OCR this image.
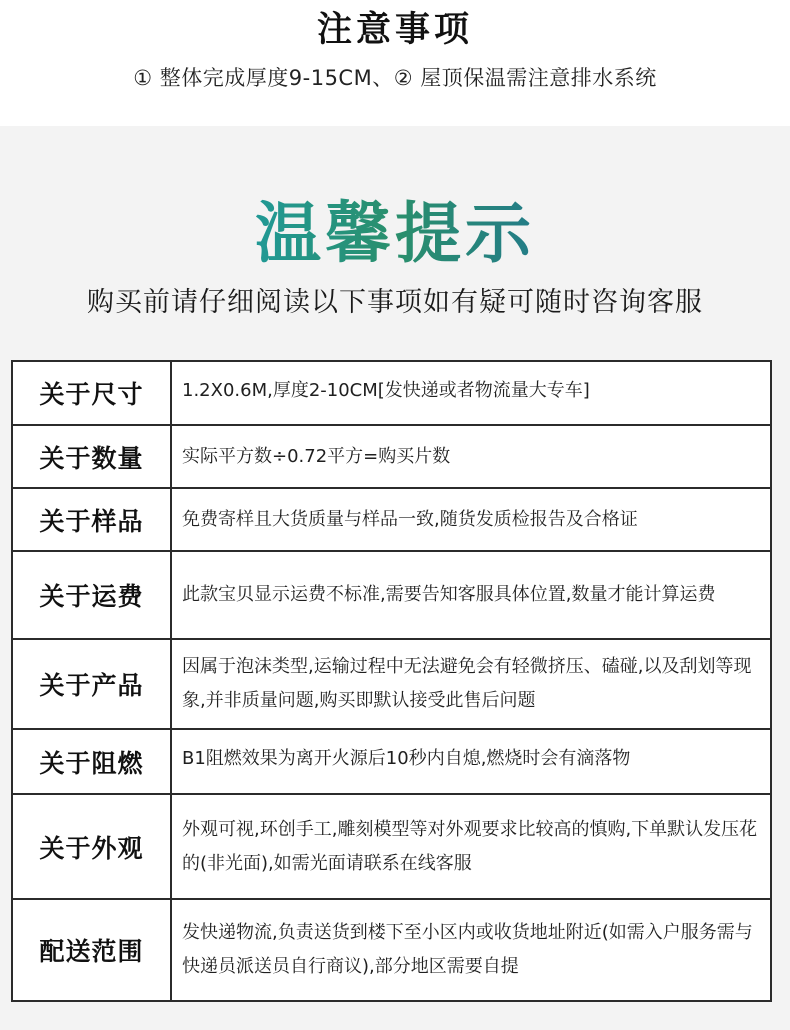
注意事项
① 整体完成厚度9-15CM、② 屋顶保温需注意排水系统
温馨提示
购买前请仔细阅读以下事项如有疑可随时咨询客服
关于尺寸	1.2X0.6M,厚度2-10CM[发快递或者物流量大专车]
关于数量	实际平方数÷0.72平方=购买片数
关于样品	免费寄样且大货质量与样品一致,随货发质检报告及合格证
关于运费	此款宝贝显示运费不标准,需要告知客服具体位置,数量才能计算运费
关于产品	因属于泡沫类型,运输过程中无法避免会有轻微挤压、磕碰,以及刮划等现象,并非质量问题,购买即默认接受此售后问题
关于阻燃	B1阻燃效果为离开火源后10秒内自熄,燃烧时会有滴落物
关于外观	外观可视,环创手工,雕刻模型等对外观要求比较高的慎购,下单默认发压花的(非光面),如需光面请联系在线客服
配送范围	发快递物流,负责送货到楼下至小区内或收货地址附近(如需入户服务需与快递员派送员自行商议),部分地区需要自提
